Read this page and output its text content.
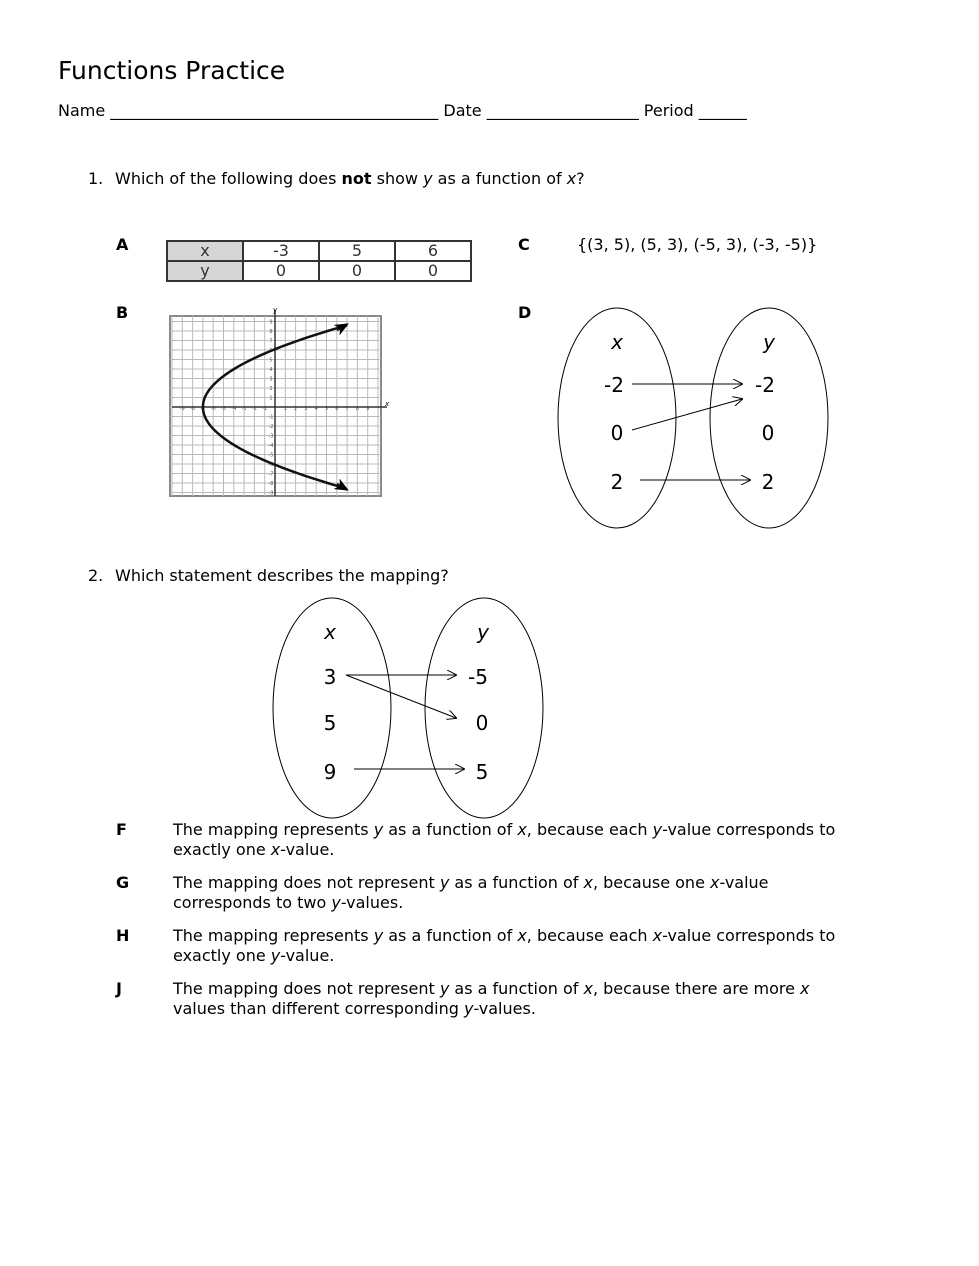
Functions Practice
Name _________________________________________ Date ___________________ Period ______
1. Which of the following does not show y as a function of x?
A	x	-3	5	6
y	0	0	0
C	{(3, 5), (5, 3), (-5, 3), (-3, -5)}
B	D
x
y
-9
-9
-8
-8
-7
-7
-6
-6
-5
-5
-4
-4
-3
-3
-2
-2
-1
-1
1
1
2
2
3
3
4
4
5
5
6
6
7
7
8
8
9
9
x	y
-2
0
2
-2
0
2
x	y
3
5
9
-5
0
5
2. Which statement describes the mapping?
F	The mapping represents y as a function of x, because each y-value corresponds to
exactly one x-value.
G	The mapping does not represent y as a function of x, because one x-value
corresponds to two y-values.
H	The mapping represents y as a function of x, because each x-value corresponds to
exactly one y-value.
J	The mapping does not represent y as a function of x, because there are more x
values than different corresponding y-values.
